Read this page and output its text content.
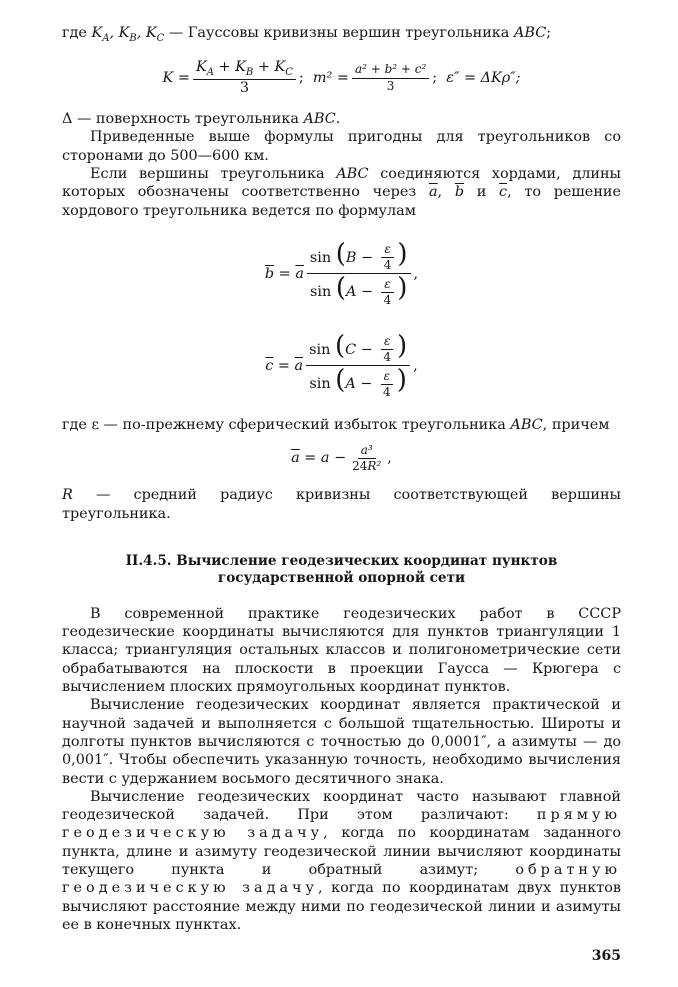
где $K_A$, $K_B$, $K_C$ — Гауссовы кривизны вершин треугольника ABC;

$K = \frac{K_A + K_B + K_C}{3}$ ; $m^2 = \frac{\text{a² + b² + c²}}{3}$ ; ε″ = ΔKρ″;

Δ — поверхность треугольника ABC.

Приведенные выше формулы пригодны для треугольников со сторонами до 500—600 км.

Если вершины треугольника ABC соединяются хордами, длины которых обозначены соответственно через $\overline{a}$, $\overline{b}$ и $\overline{c}$, то решение хордового треугольника ведется по формулам

$\overline{b} = \overline{a} \frac{\sin (B - \frac{\varepsilon}{4} )}{\sin (A - \frac{\varepsilon}{4} )}$ ,
$\overline{c} = \overline{a} \frac{\sin (C - \frac{\varepsilon}{4} )}{\sin (A - \frac{\varepsilon}{4} )}$ ,

где ε — по-прежнему сферический избыток треугольника ABC, причем

$\overline{a} = a - \frac{\text{a³}}{\text{24R²}}$ ,

R — средний радиус кривизны соответствующей вершины треугольника.

II.4.5. Вычисление геодезических координат пунктов
государственной опорной сети

В современной практике геодезических работ в СССР геодезические координаты вычисляются для пунктов триангуляции 1 класса; триангуляция остальных классов и полигонометрические сети обрабатываются на плоскости в проекции Гаусса — Крюгера с вычислением плоских прямоугольных координат пунктов.

Вычисление геодезических координат является практической и научной задачей и выполняется с большой тщательностью. Широты и долготы пунктов вычисляются с точностью до 0,0001″, а азимуты — до 0,001″. Чтобы обеспечить указанную точность, необходимо вычисления вести с удержанием восьмого десятичного знака.

Вычисление геодезических координат часто называют главной геодезической задачей. При этом различают: прямую геодезическую задачу, когда по координатам заданного пункта, длине и азимуту геодезической линии вычисляют координаты текущего пункта и обратный азимут;	обратную геодезическую задачу, когда по координатам двух пунктов вычисляют расстояние между ними по геодезической линии и азимуты ее в конечных пунктах.

365
